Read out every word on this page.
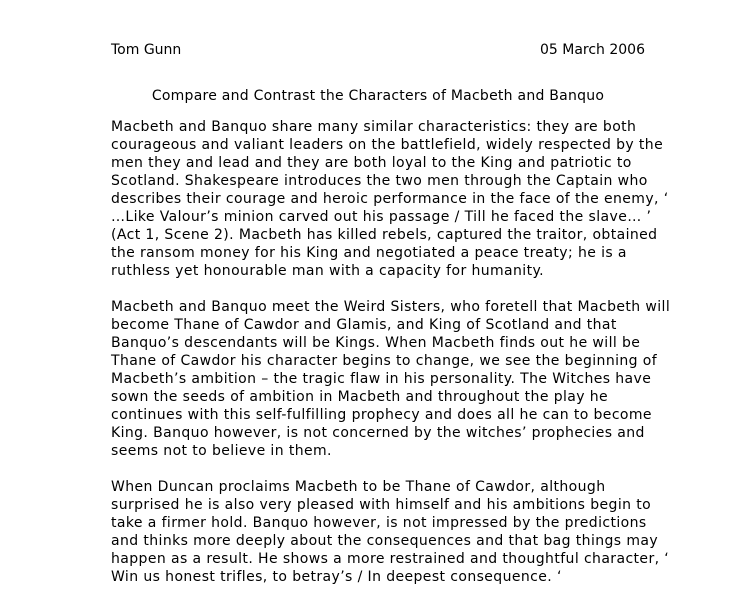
Tom Gunn	05 March 2006
Compare and Contrast the Characters of Macbeth and Banquo
Macbeth and Banquo share many similar characteristics: they are both
courageous and valiant leaders on the battlefield, widely respected by the
men they and lead and they are both loyal to the King and patriotic to
Scotland. Shakespeare introduces the two men through the Captain who
describes their courage and heroic performance in the face of the enemy, ‘
…Like Valour’s minion carved out his passage / Till he faced the slave… ’
(Act 1, Scene 2). Macbeth has killed rebels, captured the traitor, obtained
the ransom money for his King and negotiated a peace treaty; he is a
ruthless yet honourable man with a capacity for humanity.
Macbeth and Banquo meet the Weird Sisters, who foretell that Macbeth will
become Thane of Cawdor and Glamis, and King of Scotland and that
Banquo’s descendants will be Kings. When Macbeth finds out he will be
Thane of Cawdor his character begins to change, we see the beginning of
Macbeth’s ambition – the tragic flaw in his personality. The Witches have
sown the seeds of ambition in Macbeth and throughout the play he
continues with this self-fulfilling prophecy and does all he can to become
King. Banquo however, is not concerned by the witches’ prophecies and
seems not to believe in them.
When Duncan proclaims Macbeth to be Thane of Cawdor, although
surprised he is also very pleased with himself and his ambitions begin to
take a firmer hold. Banquo however, is not impressed by the predictions
and thinks more deeply about the consequences and that bag things may
happen as a result. He shows a more restrained and thoughtful character, ‘
Win us honest trifles, to betray’s / In deepest consequence. ‘
